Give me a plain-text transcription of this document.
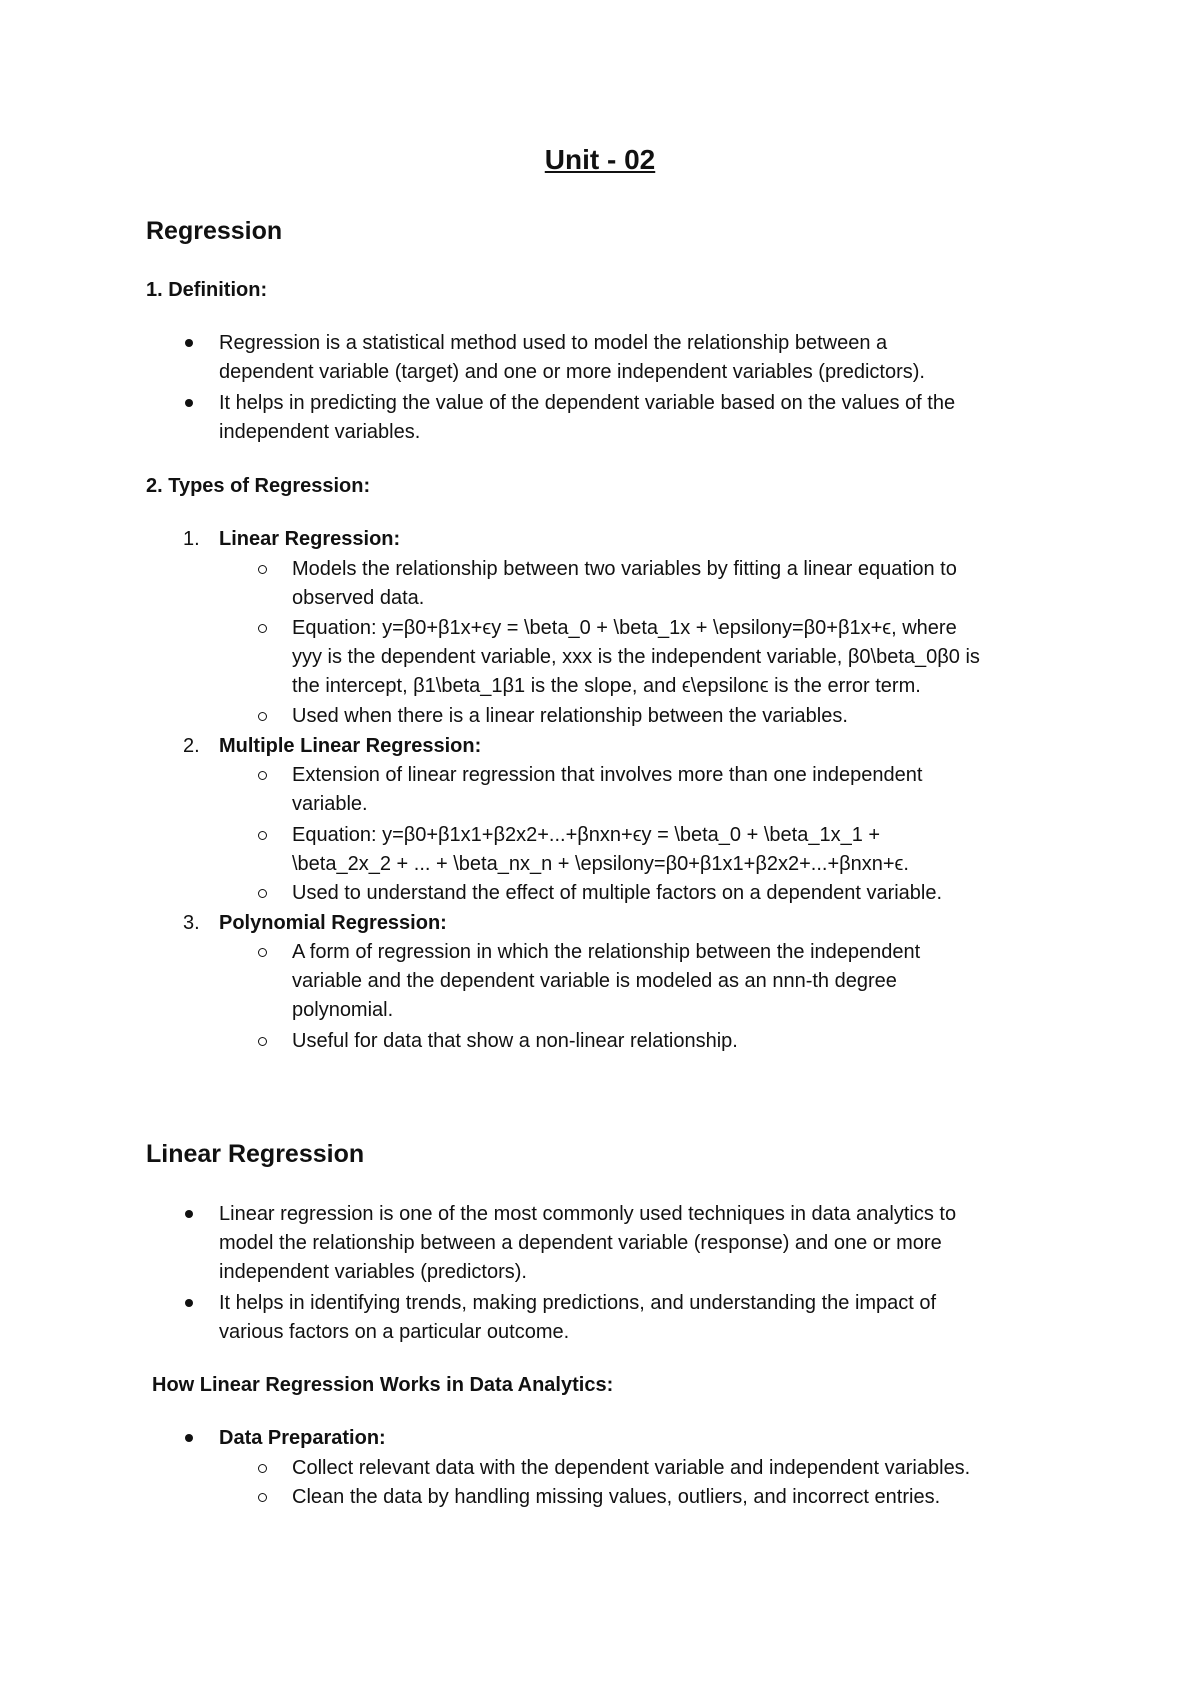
Unit - 02
Regression
1. Definition:
Regression is a statistical method used to model the relationship between a
dependent variable (target) and one or more independent variables (predictors).
It helps in predicting the value of the dependent variable based on the values of the
independent variables.
2. Types of Regression:
1. Linear Regression:
Models the relationship between two variables by fitting a linear equation to
observed data.
Equation: y=β0+β1x+ϵy = \beta_0 + \beta_1x + \epsilony=β0​+β1​x+ϵ, where
yyy is the dependent variable, xxx is the independent variable, β0\beta_0β0​ is
the intercept, β1\beta_1β1​ is the slope, and ϵ\epsilonϵ is the error term.
Used when there is a linear relationship between the variables.
2. Multiple Linear Regression:
Extension of linear regression that involves more than one independent
variable.
Equation: y=β0+β1x1+β2x2+...+βnxn+ϵy = \beta_0 + \beta_1x_1 +
\beta_2x_2 + ... + \beta_nx_n + \epsilony=β0​+β1​x1​+β2​x2​+...+βn​xn​+ϵ.
Used to understand the effect of multiple factors on a dependent variable.
3. Polynomial Regression:
A form of regression in which the relationship between the independent
variable and the dependent variable is modeled as an nnn-th degree
polynomial.
Useful for data that show a non-linear relationship.
Linear Regression
Linear regression is one of the most commonly used techniques in data analytics to
model the relationship between a dependent variable (response) and one or more
independent variables (predictors).
It helps in identifying trends, making predictions, and understanding the impact of
various factors on a particular outcome.
How Linear Regression Works in Data Analytics:
Data Preparation:
Collect relevant data with the dependent variable and independent variables.
Clean the data by handling missing values, outliers, and incorrect entries.
